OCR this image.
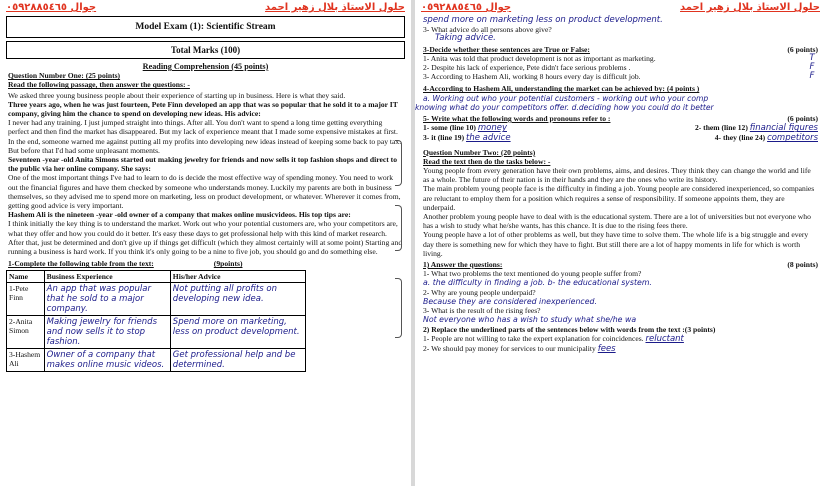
جوال ٠٥٩٢٨٨٥٤٦٥	حلول الاستاذ بلال زهير احمد
Model Exam (1): Scientific Stream
Total Marks (100)
Reading Comprehension (45 points)
Question Number One: (25 points)
Read the following passage, then answer the questions: -
We asked three young business people about their experience of starting up in business. Here is what they said.
Three years ago, when he was just fourteen, Pete Finn developed an app that was so popular that he sold it to a major IT company, giving him the chance to spend on developing new ideas. His advice:
I never had any training. I just jumped straight into things. After all. You don't want to spend a long time getting everything perfect and then find the market has disappeared. But my lack of experience meant that I made some expensive mistakes at first. In the end, someone warned me against putting all my profits into developing new ideas instead of keeping some back to pay tax. But before that I'd had some unpleasant moments.
Seventeen -year -old Anita Simons started out making jewelry for friends and now sells it top fashion shops and direct to the public via her online company. She says:
One of the most important things I've had to learn to do is decide the most effective way of spending money. You need to work out the financial figures and have them checked by someone who understands money. Luckily my parents are both in business themselves, so they advised me to spend more on marketing, less on product development, or whatever. Wherever it comes from, getting good advice is very important.
Hashem Ali is the nineteen -year -old owner of a company that makes online musicvideos. His top tips are:
I think initially the key thing is to understand the market. Work out who your potential customers are, who your competitors are, what they offer and how you could do it better. It's easy these days to get professional help with this kind of market research. After that, just be determined and don't give up if things get difficult (which they almost certainly will at some point) Starting and running a business is hard work. If you think it's only going to be a nine to five job, you should go and do something else.
1-Complete the following table from the text:	(9points)
Name	Business Experience	His/her Advice
1-Pete Finn	An app that was popular that he sold to a major company.	Not putting all profits on developing new idea.
2-Anita Simon	Making jewelry for friends and now sells it to stop fashion.	Spend more on marketing, less on product development.
3-Hashem Ali	Owner of a company that makes online music videos.	Get professional help and be determined.
جوال ٠٥٩٢٨٨٥٤٦٥	حلول الاستاذ بلال زهير احمد
spend more on marketing less on product development.
3- What advice do all persons above give?
Taking advice.
3-Decide whether these sentences are True or False:	(6 points)
1- Anita was told that product development is not as important as marketing.	T
2- Despite his lack of experience, Pete didn't face serious problems .	F
3- According to Hashem Ali, working 8 hours every day is difficult job.	F
4-According to Hashem Ali, understanding the market can be achieved by: (4 points )
a. Working out who your potential customers - working out who your comp
knowing what do your competitors offer. d.deciding how you could do it better
5- Write what the following words and pronouns refer to :	(6 points)
1- some (line 10) money	2- them (line 12) financial figures
3- it (line 19) the advice	4- they (line 24) competitors
Question Number Two: (20 points)
Read the text then do the tasks below: -
Young people from every generation have their own problems, aims, and desires. They think they can change the world and life as a whole. The future of their nation is in their hands and they are the ones who write its history.
The main problem young people face is the difficulty in finding a job. Young people are considered inexperienced, so companies are reluctant to employ them for a position which requires a sense of responsibility. If someone appoints them, they are underpaid.
Another problem young people have to deal with is the educational system. There are a lot of universities but not everyone who has a wish to study what he/she wants, has this chance. It is due to the rising fees there.
Young people have a lot of other problems as well, but they have time to solve them. The whole life is a big struggle and every day there is something new for which they have to fight. But still there are a lot of happy moments in life for which is worth living.
1) Answer the questions:	(8 points)
1- What two problems the text mentioned do young people suffer from?
a. the difficulty in finding a job. b- the educational system.
2- Why are young people underpaid?
Because they are considered inexperienced.
3- What is the result of the rising fees?
Not everyone who has a wish to study what she/he wa
2) Replace the underlined parts of the sentences below with words from the text :(3 points)
1- People are not willing to take the expert explanation for coincidences. reluctant
2- We should pay money for services to our municipality fees
